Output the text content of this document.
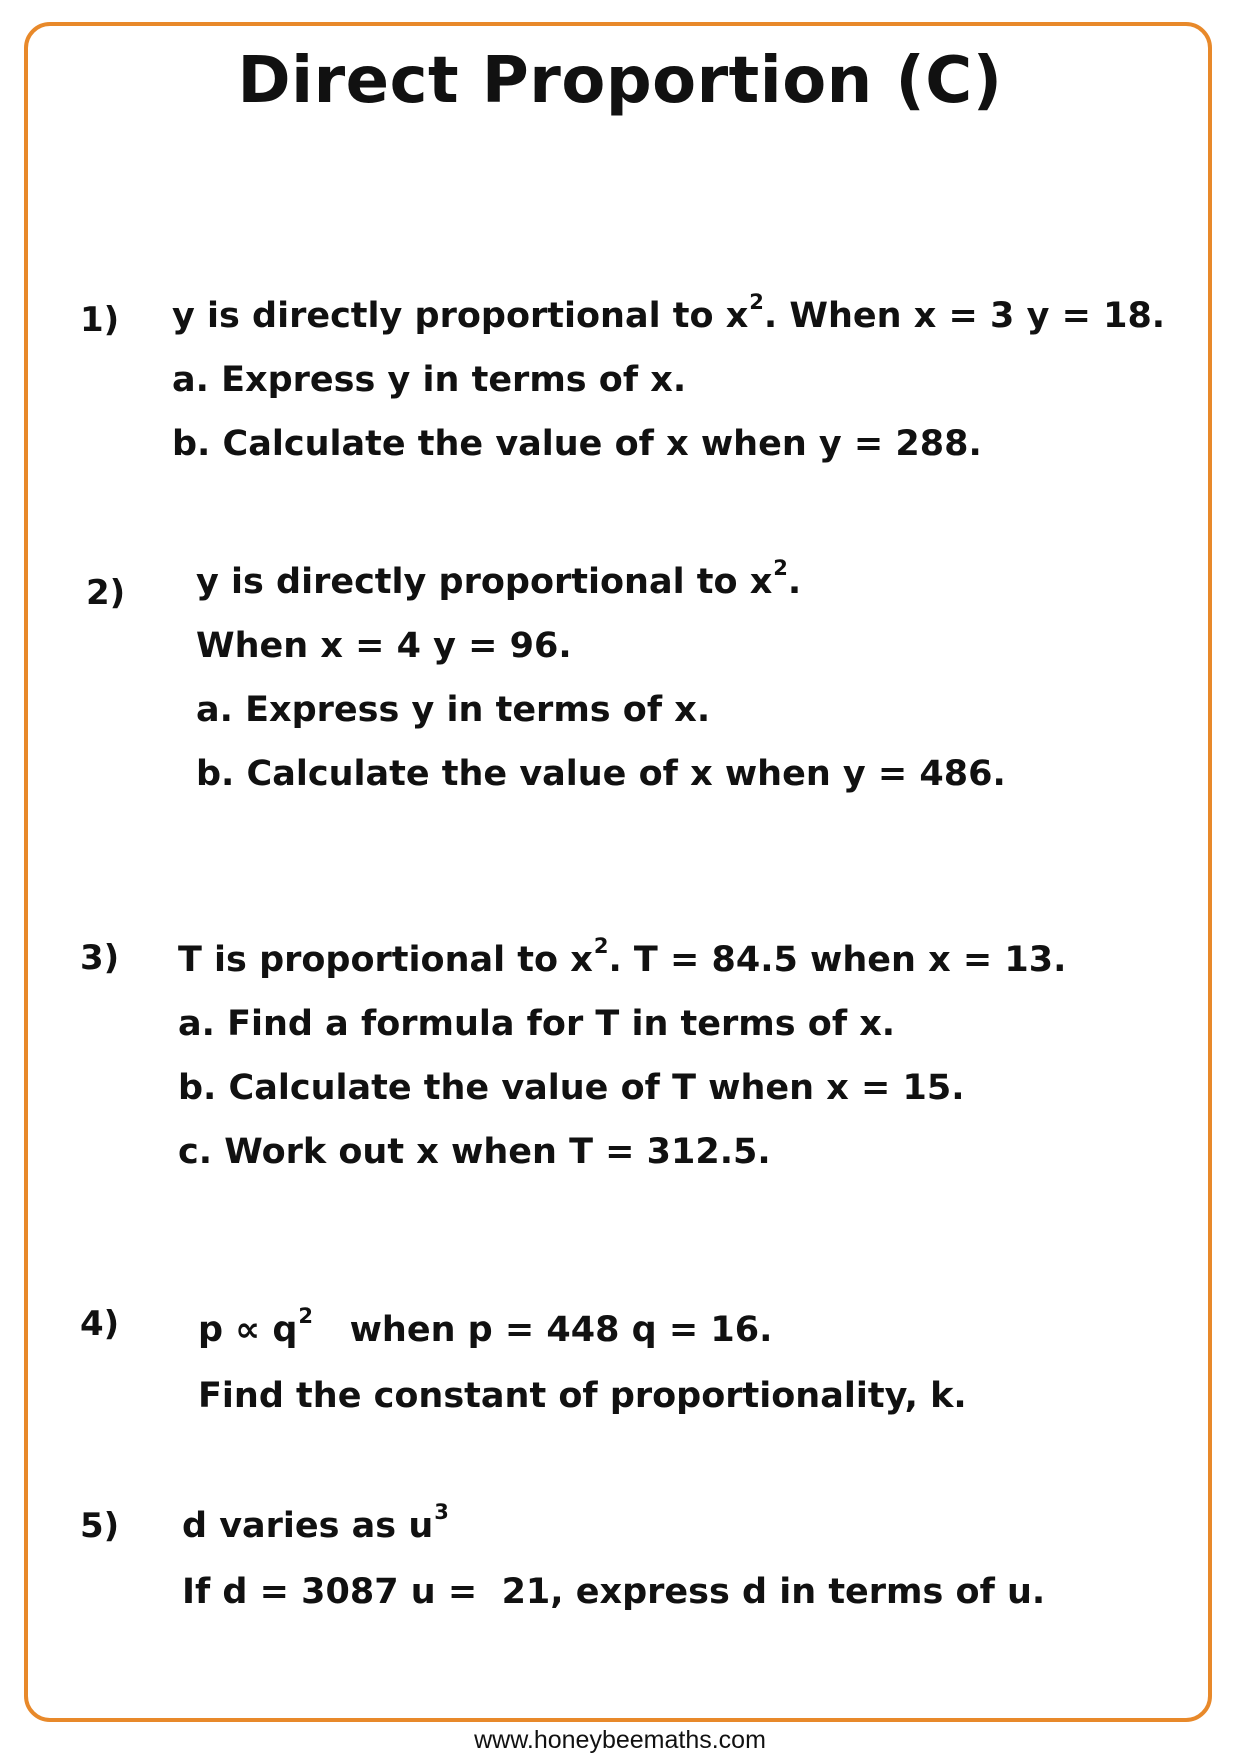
Direct Proportion (C)
1) y is directly proportional to $x^2$. When x = 3 y = 18.
a. Express y in terms of x.
b. Calculate the value of x when y = 288.
2) y is directly proportional to $x^2$.
When x = 4 y = 96.
a. Express y in terms of x.
b. Calculate the value of x when y = 486.
3) T is proportional to $x^2$. T = 84.5 when x = 13.
a. Find a formula for T in terms of x.
b. Calculate the value of T when x = 15.
c. Work out x when T = 312.5.
4) $p \propto q^2$   when p = 448 q = 16.
Find the constant of proportionality, k.
5) d varies as $u^3$
If d = 3087 u =  21, express d in terms of u.
www.honeybeemaths.com
